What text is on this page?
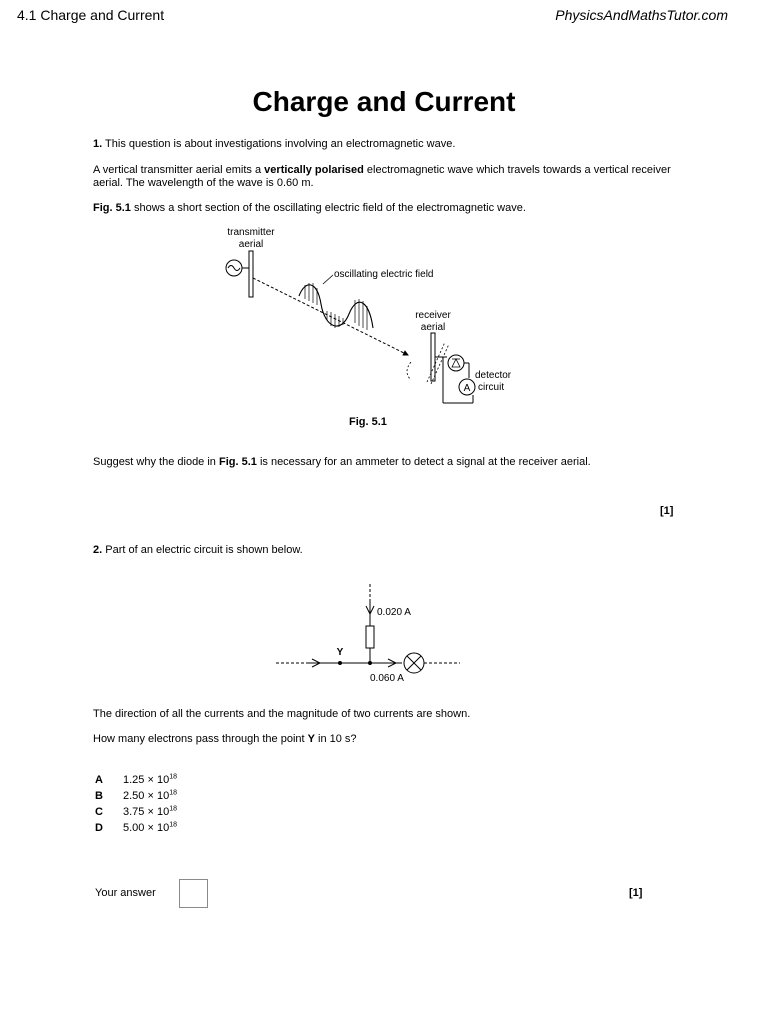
4.1 Charge and Current	PhysicsAndMathsTutor.com
Charge and Current
1. This question is about investigations involving an electromagnetic wave.
A vertical transmitter aerial emits a vertically polarised electromagnetic wave which travels towards a vertical receiver aerial. The wavelength of the wave is 0.60 m.
Fig. 5.1 shows a short section of the oscillating electric field of the electromagnetic wave.
transmitter
aerial
oscillating electric field
receiver
aerial
A
detector
circuit
Fig. 5.1
Suggest why the diode in Fig. 5.1 is necessary for an ammeter to detect a signal at the receiver aerial.
[1]
2. Part of an electric circuit is shown below.
0.020 A
Y
0.060 A
The direction of all the currents and the magnitude of two currents are shown.
How many electrons pass through the point Y in 10 s?
A $1.25 \times 10^{18}$
B $2.50 \times 10^{18}$
C $3.75 \times 10^{18}$
D $5.00 \times 10^{18}$
Your answer	[1]
